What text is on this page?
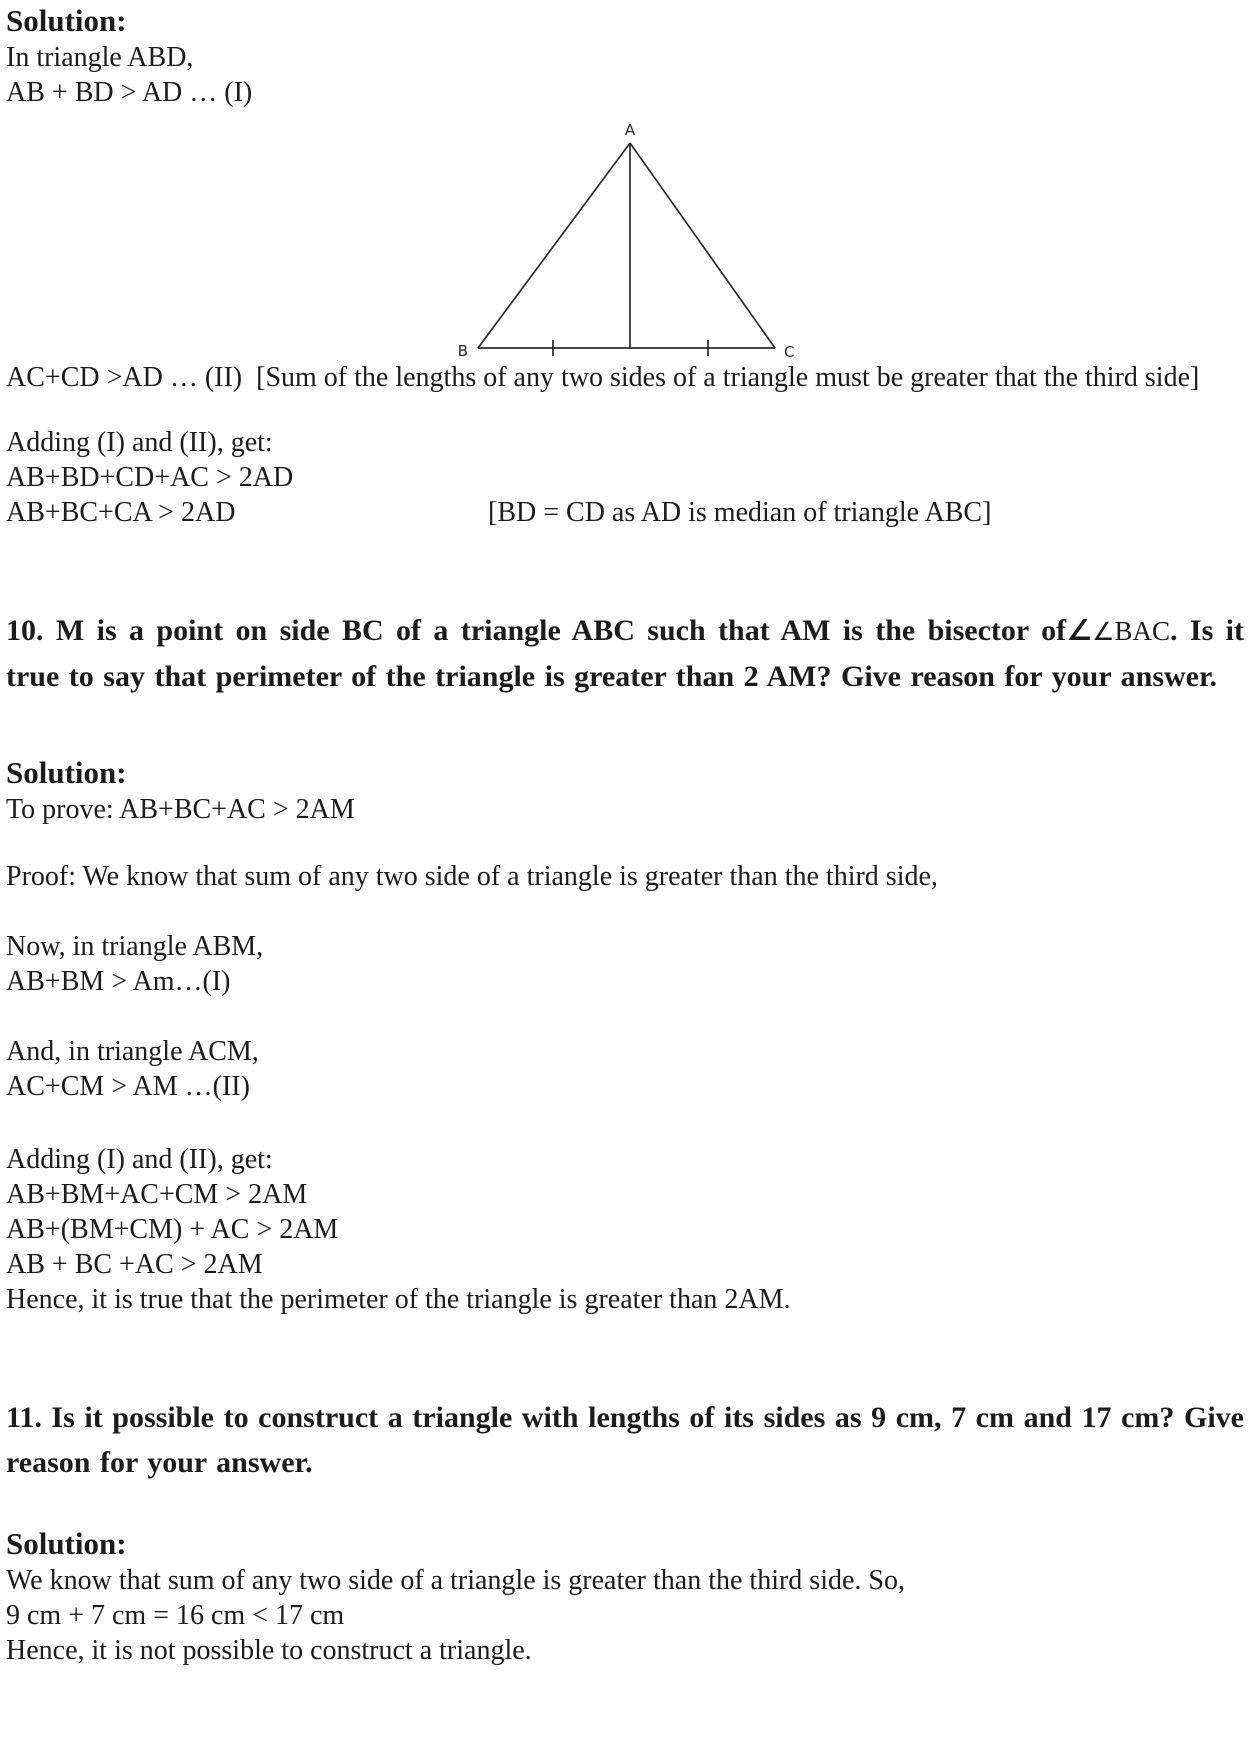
Solution:

In triangle ABD,

AB + BD > AD … (I)

A
B	C

AC+CD >AD … (II) [Sum of the lengths of any two sides of a triangle must be greater that the third side]

Adding (I) and (II), get:

AB+BD+CD+AC > 2AD

AB+BC+CA > 2AD	[BD = CD as AD is median of triangle ABC]

10. M is a point on side BC of a triangle ABC such that AM is the bisector of∠∠BAC. Is it true to say that perimeter of the triangle is greater than 2 AM? Give reason for your answer.

Solution:

To prove: AB+BC+AC > 2AM

Proof: We know that sum of any two side of a triangle is greater than the third side,

Now, in triangle ABM,

AB+BM > Am…(I)

And, in triangle ACM,

AC+CM > AM …(II)

Adding (I) and (II), get:

AB+BM+AC+CM > 2AM

AB+(BM+CM) + AC > 2AM

AB + BC +AC > 2AM

Hence, it is true that the perimeter of the triangle is greater than 2AM.

11. Is it possible to construct a triangle with lengths of its sides as 9 cm, 7 cm and 17 cm? Give reason for your answer.

Solution:

We know that sum of any two side of a triangle is greater than the third side. So,

9 cm + 7 cm = 16 cm < 17 cm

Hence, it is not possible to construct a triangle.
